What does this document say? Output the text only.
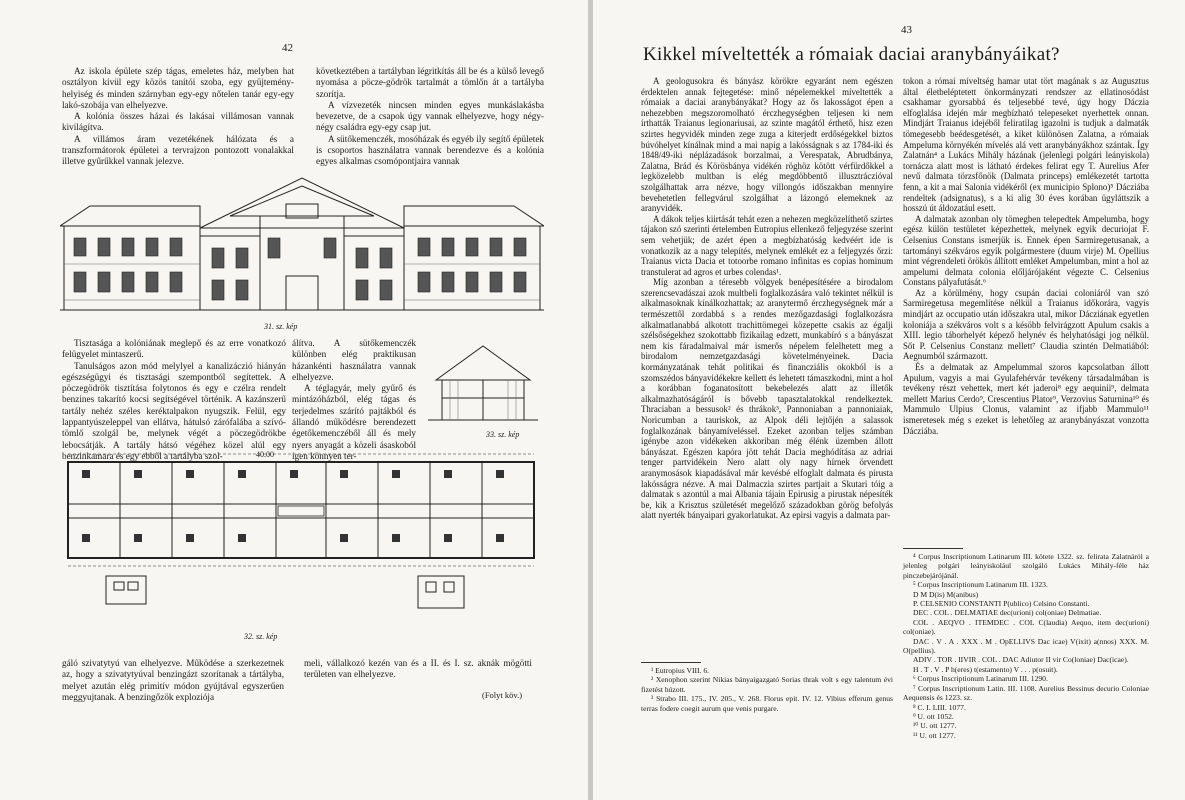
42

Az iskola épülete szép tágas, emeletes ház, melyben hat osztályon kívül egy közös tanítói szoba, egy gyüjtemény-helyiség és minden szárnyban egy-egy nőtelen tanár egy-egy lakó-szobája van elhelyezve.

A kolónia összes házai és lakásai villámosan vannak kivilágítva.

A villámos áram vezetékének hálózata és a transzformátorok épületei a tervrajzon pontozott vonalakkal illetve gyűrűkkel vannak jelezve.

következtében a tartályban légritkítás áll be és a külső levegő nyomása a pöcze-gödrök tartalmát a tömlőn át a tartályba szorítja.

A vízvezeték nincsen minden egyes munkáslakásba bevezetve, de a csapok úgy vannak elhelyezve, hogy négy-négy családra egy-egy csap jut.

A sütőkemenczék, mosóházak és egyéb ily segítő épületek is csoportos használatra vannak berendezve és a kolónia egyes alkalmas csomópontjaira vannak

31. sz. kép

Tisztasága a kolóniának meglepő és az erre vonatkozó felügyelet mintaszerű.

Tanulságos azon mód melylyel a kanalizáczió hiányán egészségügyi és tisztasági szempontból segítettek. A pöczegödrök tisztítása folytonos és egy e czélra rendelt benzines takarító kocsi segítségével történik. A kazánszerű tartály nehéz széles keréktalpakon nyugszik. Felül, egy lappantyúszeleppel van ellátva, hátulsó zárófalába a szívó-tömlő szolgál be, melynek végét a pöczegödrökbe lebocsátják. A tartály hátsó végéhez közel alúl egy benzinkamara és egy ebből a tartályba szol-

álítva. A sütőkemenczék különben elég praktikusan házankénti használatra vannak elhelyezve.

A téglagyár, mely gyűrő és mintázóházból, elég tágas és terjedelmes szárító pajtákból és állandó működésre berendezett égetőkemenczéből áll és mely nyers anyagát a közeli ásaskoból igen könnyen ter-

33. sz. kép
40.00
32. sz. kép

gáló szivatytyú van elhelyezve. Működése a szerkezetnek az, hogy a szivatytyúval benzingázt szorítanak a tártályba, melyet azután elég primitív módon gyújtával egyszerűen meggyujtanak. A benzingőzök exploziója

meli, vállalkozó kezén van és a II. és I. sz. aknák mögötti területen van elhelyezve.

(Folyt köv.)
43
Kikkel míveltették a rómaiak daciai aranybányáikat?

A geologusokra és bányász körökre egyaránt nem egészen érdektelen annak fejtegetése: minő népelemekkel míveltették a rómaiak a daciai aranybányákat? Hogy az ős lakosságot épen a nehezebben megszoromolható érczhegységben teljesen ki nem írthatták Traianus legionariusai, az szinte magától érthető, hisz ezen szirtes hegyvidék minden zege zuga a kiterjedt erdőségekkel biztos búvóhelyet kínálnak mind a mai napig a lakósságnak s az 1784-iki és 1848/49-iki néplázadások borzalmai, a Verespatak, Abrudbánya, Zalatna, Brád és Körösbánya vidékén röghöz kötött vérfürdőkkel a legközelebb multban is elég megdöbbentő illusztráczióval szolgálhattak arra nézve, hogy villongós időszakban mennyire bevehetetlen fellegvárul szolgálhat a lázongó elemeknek az aranyvidék.

A dákok teljes kiirtását tehát ezen a nehezen megközelíthető szirtes tájakon szó szerinti értelemben Eutropius ellenkező feljegyzése szerint sem vehetjük; de azért épen a megbízhatóság kedvéért ide is vonatkozik az a nagy telepítés, melynek emlékét ez a feljegyzés őrzi: Traianus victa Dacia et totoorbe romano infinitas es copias hominum transtulerat ad agros et urbes colendas¹.

Míg azonban a téresebb völgyek benépesítésére a birodalom szerencsevadászai azok multbeli foglalkozására való tekintet nélkül is alkalmasoknak kínálkozhattak; az aranytermő érczhegységnek már a természettől zordabbá s a rendes mezőgazdasági foglalkozásra alkalmatlanabbá alkotott trachittömegei közepette csakis az égalji szélsőségekhez szokottabb fizikailag edzett, munkabíró s a bányászat nem kis fáradalmaival már ismerős népelem felelhetett meg a birodalom nemzetgazdasági követelményeinek. Dacia kormányzatának tehát politikai és financziális okokból is a szomszédos bányavidékekre kellett és lehetett támaszkodni, mint a hol a korábban foganatosított bekebelezés alatt az illetők alkalmazhatóságáról is bővebb tapasztalatokkal rendelkeztek. Thraciaban a bessusok² és thrákok³, Pannoniaban a pannoniaiak, Noricumban a tauriskok, az Alpok déli lejtőjén a salassok foglalkozának bányamíveléssel. Ezeket azonban teljes számban igénybe azon vidékeken akkoriban még élénk üzemben állott bányászat. Egészen kapóra jött tehát Dacia meghódítása az adriai tenger partvidékein Nero alatt oly nagy hírnek örvendett aranymosások kiapadásával már kevésbé elfoglalt dalmata és pirusta lakósságra nézve. A mai Dalmaczia szirtes partjait a Skutari tóig a dalmatak s azontúl a mai Albania tájain Epirusig a pirustak népesíték be, kik a Krisztus születését megelőző századokban görög befolyás alatt nyerték bányaipari gyakorlatukat. Az epirsi vagyis a dalmata par-

¹ Eutropius VIII. 6.

² Xenophon szerint Nikias bányaigazgató Sorias thrak volt s egy talentum évi fizetést húzott.

³ Strabo III. 175., IV. 205., V. 268. Florus epit. IV. 12. Vibius efferum genus terras fodere coegit aurum que venis purgare.

tokon a római míveltség hamar utat tört magának s az Augusztus által életbeléptetett önkormányzati rendszer az ellatinosódást csakhamar gyorsabbá és teljesebbé tevé, úgy hogy Dáczia elfoglalása idején már megbízható telepeseket nyerhettek onnan. Mindjárt Traianus idejéből feliratilag igazolni is tudjuk a dalmaták tömegesebb beédesgetését, a kiket különösen Zalatna, a rómaiak Ampeluma környékén mívelés alá vett aranybányákhoz szántak. Így Zalatnán⁴ a Lukács Mihály házának (jelenlegi polgári leányiskola) tornáczа alatt most is látható érdekes felirat egy T. Aurelius Afer nevű dalmata törzsfőnök (Dalmata princeps) emlékezetét tartotta fenn, a kit a mai Salonia vidékéről (ex municipio Splono)⁵ Dácziába rendeltek (adsignatus), s a ki alig 30 éves korában ügyláttszik a hosszú út áldozatául esett.

A dalmatak azonban oly tömegben telepedtek Ampelumba, hogy egész külön testületet képezhettek, melynek egyik decuriojat F. Celsenius Constans ismerjük is. Ennek épen Sarmiregetusanak, a tartományi székváros egyik polgármestere (duum virje) M. Opellius mint végrendeleti örökös állított emléket Ampelumban, mint a hol az ampelumi delmata colonia előljárójaként végezte C. Celsenius Constans pályafutását.⁶

Az a körülmény, hogy csupán daciai coloniáról van szó Sarmiregetusa megemlítése nélkül a Traianus időkorára, vagyis mindjárt az occupatio után időszakra utal, mikor Dácziának egyetlen koloniája a székváros volt s a késöbb felvirágzott Apulum csakis a XIII. legio táborhelyét képező helynév és helyhatósági jog nélkül. Sőt P. Celsenius Constanz mellett⁷ Claudia szintén Delmatiából: Aegnumból származott.

És a delmatak az Ampelummal szoros kapcsolatban állott Apulum, vagyis a mai Gyulafehérvár tevékeny társadalmában is tevékeny részt vehettek, mert két jaderoi⁸ egy aequinii⁹, delmata mellett Marius Cerdo⁹, Crescentius Plator⁹, Verzovius Saturnina¹⁰ és Mammulo Ulpius Clonus, valamint az ifjabb Mammulo¹¹ ismeretesek még s ezeket is lehetőleg az aranybányászat vonzotta Dácziába.

⁴ Corpus Inscriptionum Latinarum III. kötete 1322. sz. felirata Zalatnáról a jelenleg polgári leányiskolául szolgáló Lukács Mihály-féle ház pinczebejárójánál.

⁵ Corpus Inscriptionum Latinarum III. 1323.

D M D(is) M(anibus)

P. CELSENIO CONSTANTI P(ublico) Celsino Constanti.

DEC . COL . DELMATIAE dec(urioni) col(oniae) Delmatiae.

COL . AEQVO . ITEMDEC . COL C(laudia) Aequo, item dec(urioni) col(oniae).

DAC . V . A . XXX . M . OpELLIVS Dac icae) V(ixit) a(nnos) XXX. M. O(pellius).

ADIV . TOR . IIVIR . COL . DAC Adiutor II vir Co(loniae) Dac(icae).

H . T . V . P h(eres) t(estamento) V . . . p(osuit).

⁶ Corpus Inscriptionum Latinarum III. 1290.

⁷ Corpus Inscriptionum Latin. III. 1108. Aurelius Bessinus decurio Coloniae Aequensis és 1223. sz.

⁸ C. I. LIII. 1077.

⁹ U. ott 1052.

¹⁰ U. ott 1277.

¹¹ U. ott 1277.
